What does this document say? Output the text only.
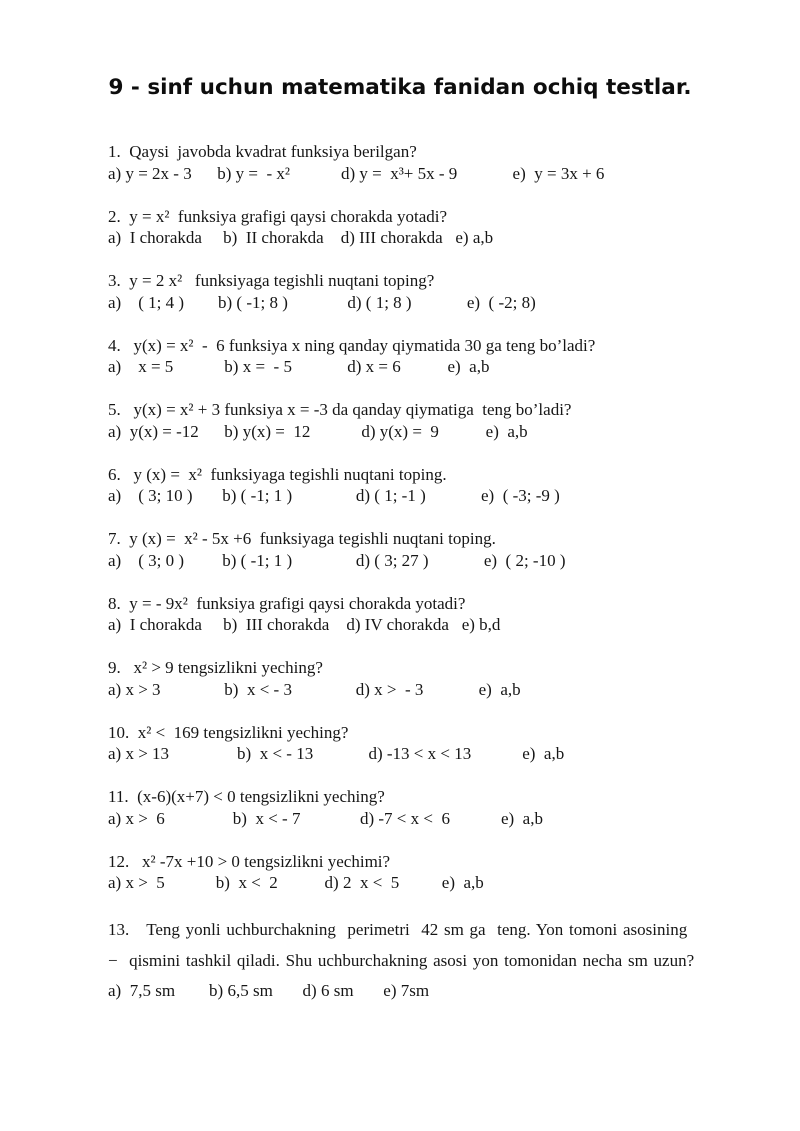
9 - sinf uchun matematika fanidan ochiq testlar.
1.  Qaysi  javobda kvadrat funksiya berilgan?
a) y = 2x - 3      b) y =  - x²            d) y =  x³+ 5x - 9             e)  y = 3x + 6
2.  y = x²  funksiya grafigi qaysi chorakda yotadi?
a)  I chorakda     b)  II chorakda    d) III chorakda   e) a,b
3.  y = 2 x²   funksiyaga tegishli nuqtani toping?
a)    ( 1; 4 )        b) ( -1; 8 )              d) ( 1; 8 )             e)  ( -2; 8)
4.   y(x) = x²  -  6 funksiya x ning qanday qiymatida 30 ga teng bo’ladi?
a)    x = 5            b) x =  - 5             d) x = 6           e)  a,b
5.   y(x) = x² + 3 funksiya x = -3 da qanday qiymatiga  teng bo’ladi?
a)  y(x) = -12      b) y(x) =  12            d) y(x) =  9           e)  a,b
6.   y (x) =  x²  funksiyaga tegishli nuqtani toping.
a)    ( 3; 10 )       b) ( -1; 1 )               d) ( 1; -1 )             e)  ( -3; -9 )
7.  y (x) =  x² - 5x +6  funksiyaga tegishli nuqtani toping.
a)    ( 3; 0 )         b) ( -1; 1 )               d) ( 3; 27 )             e)  ( 2; -10 )
8.  y = - 9x²  funksiya grafigi qaysi chorakda yotadi?
a)  I chorakda     b)  III chorakda    d) IV chorakda   e) b,d
9.   x² > 9 tengsizlikni yeching?
a) x > 3               b)  x < - 3               d) x >  - 3             e)  a,b
10.  x² <  169 tengsizlikni yeching?
a) x > 13                b)  x < - 13             d) -13 < x < 13            e)  a,b
11.  (x-6)(x+7) < 0 tengsizlikni yeching?
a) x >  6                b)  x < - 7              d) -7 < x <  6            e)  a,b
12.   x² -7x +10 > 0 tengsizlikni yechimi?
a) x >  5            b)  x <  2           d) 2  x <  5          e)  a,b
13.   Teng yonli uchburchakning  perimetri  42 sm ga  teng. Yon tomoni asosining
−  qismini tashkil qiladi. Shu uchburchakning asosi yon tomonidan necha sm uzun?
a)  7,5 sm        b) 6,5 sm       d) 6 sm       e) 7sm
